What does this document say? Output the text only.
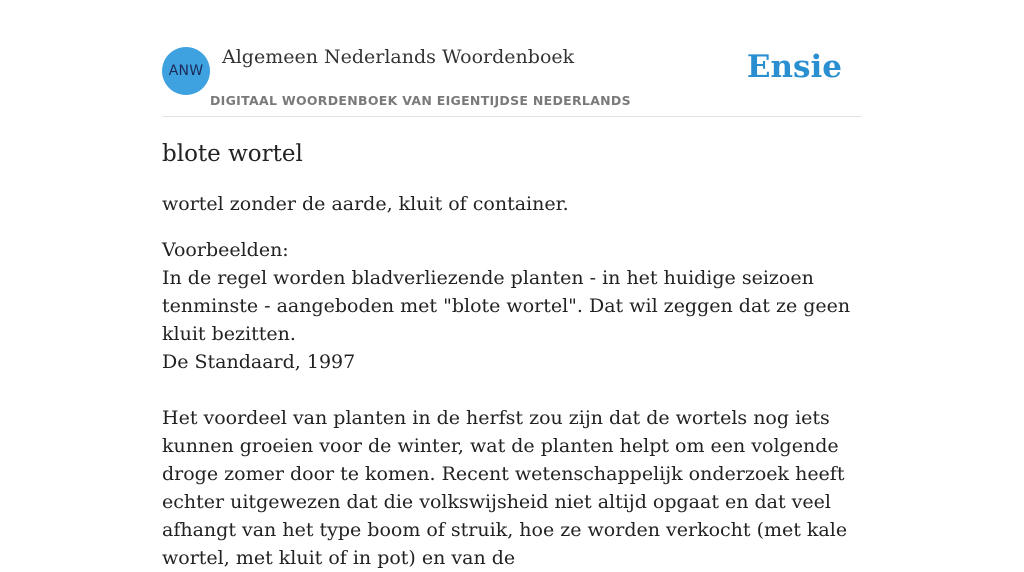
ANW
Algemeen Nederlands Woordenboek
DIGITAAL WOORDENBOEK VAN EIGENTIJDSE NEDERLANDS
Ensie
blote wortel

wortel zonder de aarde, kluit of container.

Voorbeelden:
In de regel worden bladverliezende planten - in het huidige seizoen tenminste - aangeboden met "blote wortel". Dat wil zeggen dat ze geen kluit bezitten.
De Standaard, 1997
Het voordeel van planten in de herfst zou zijn dat de wortels nog iets kunnen groeien voor de winter, wat de planten helpt om een volgende droge zomer door te komen. Recent wetenschappelijk onderzoek heeft echter uitgewezen dat die volkswijsheid niet altijd opgaat en dat veel afhangt van het type boom of struik, hoe ze worden verkocht (met kale wortel, met kluit of in pot) en van de
